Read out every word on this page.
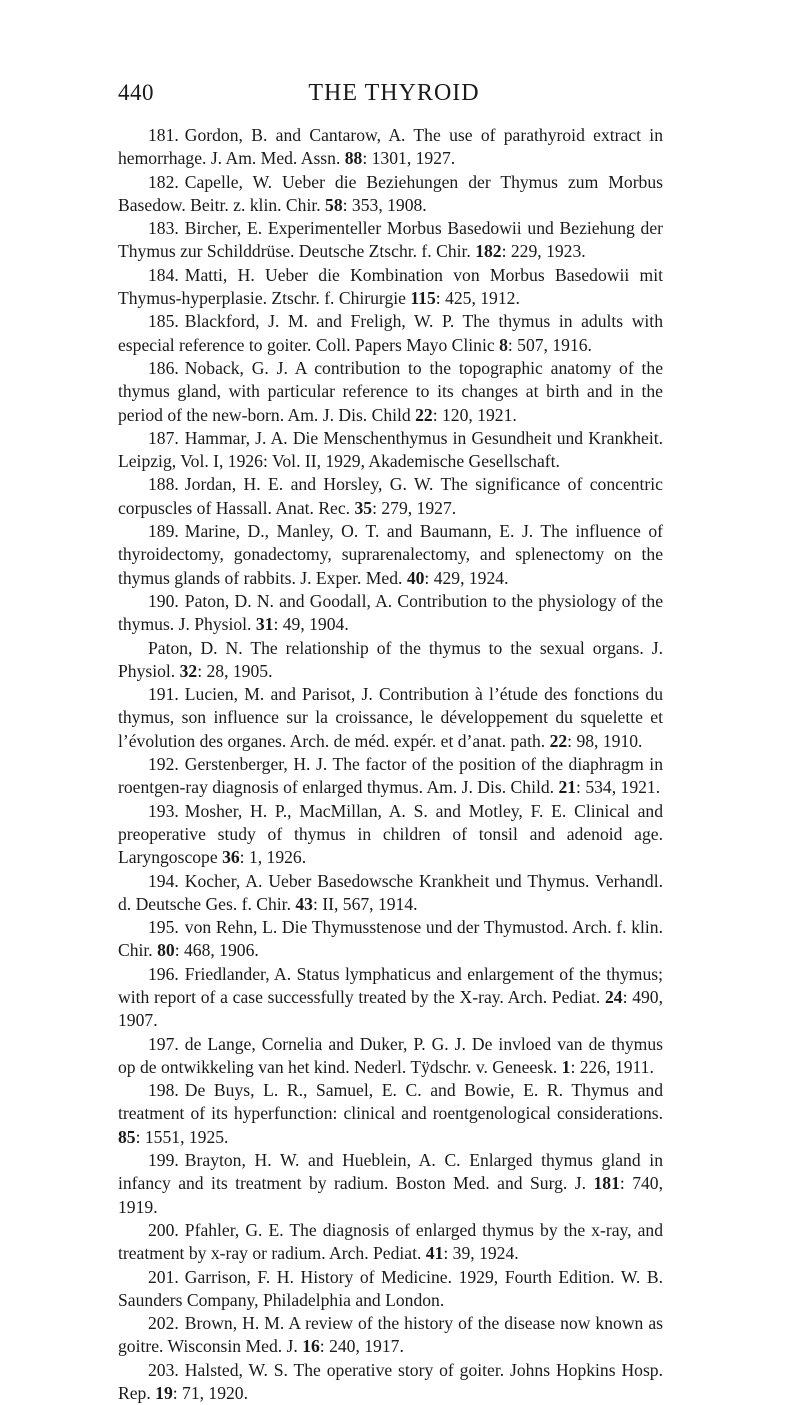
440	THE THYROID

181. Gordon, B. and Cantarow, A. The use of parathyroid extract in hemorrhage. J. Am. Med. Assn. 88: 1301, 1927.

182. Capelle, W. Ueber die Beziehungen der Thymus zum Morbus Basedow. Beitr. z. klin. Chir. 58: 353, 1908.

183. Bircher, E. Experimenteller Morbus Basedowii und Beziehung der Thymus zur Schilddrüse. Deutsche Ztschr. f. Chir. 182: 229, 1923.

184. Matti, H. Ueber die Kombination von Morbus Basedowii mit Thymus-hyperplasie. Ztschr. f. Chirurgie 115: 425, 1912.

185. Blackford, J. M. and Freligh, W. P. The thymus in adults with especial reference to goiter. Coll. Papers Mayo Clinic 8: 507, 1916.

186. Noback, G. J. A contribution to the topographic anatomy of the thymus gland, with particular reference to its changes at birth and in the period of the new-born. Am. J. Dis. Child 22: 120, 1921.

187. Hammar, J. A. Die Menschenthymus in Gesundheit und Krankheit. Leipzig, Vol. I, 1926: Vol. II, 1929, Akademische Gesellschaft.

188. Jordan, H. E. and Horsley, G. W. The significance of concentric corpuscles of Hassall. Anat. Rec. 35: 279, 1927.

189. Marine, D., Manley, O. T. and Baumann, E. J. The influence of thyroidectomy, gonadectomy, suprarenalectomy, and splenectomy on the thymus glands of rabbits. J. Exper. Med. 40: 429, 1924.

190. Paton, D. N. and Goodall, A. Contribution to the physiology of the thymus. J. Physiol. 31: 49, 1904.

Paton, D. N. The relationship of the thymus to the sexual organs. J. Physiol. 32: 28, 1905.

191. Lucien, M. and Parisot, J. Contribution à l’étude des fonctions du thymus, son influence sur la croissance, le développement du squelette et l’évolution des organes. Arch. de méd. expér. et d’anat. path. 22: 98, 1910.

192. Gerstenberger, H. J. The factor of the position of the diaphragm in roentgen-ray diagnosis of enlarged thymus. Am. J. Dis. Child. 21: 534, 1921.

193. Mosher, H. P., MacMillan, A. S. and Motley, F. E. Clinical and preoperative study of thymus in children of tonsil and adenoid age. Laryngoscope 36: 1, 1926.

194. Kocher, A. Ueber Basedowsche Krankheit und Thymus. Verhandl. d. Deutsche Ges. f. Chir. 43: II, 567, 1914.

195. von Rehn, L. Die Thymusstenose und der Thymustod. Arch. f. klin. Chir. 80: 468, 1906.

196. Friedlander, A. Status lymphaticus and enlargement of the thymus; with report of a case successfully treated by the X-ray. Arch. Pediat. 24: 490, 1907.

197. de Lange, Cornelia and Duker, P. G. J. De invloed van de thymus op de ontwikkeling van het kind. Nederl. Tÿdschr. v. Geneesk. 1: 226, 1911.

198. De Buys, L. R., Samuel, E. C. and Bowie, E. R. Thymus and treatment of its hyperfunction: clinical and roentgenological considerations. 85: 1551, 1925.

199. Brayton, H. W. and Hueblein, A. C. Enlarged thymus gland in infancy and its treatment by radium. Boston Med. and Surg. J. 181: 740, 1919.

200. Pfahler, G. E. The diagnosis of enlarged thymus by the x-ray, and treatment by x-ray or radium. Arch. Pediat. 41: 39, 1924.

201. Garrison, F. H. History of Medicine. 1929, Fourth Edition. W. B. Saunders Company, Philadelphia and London.

202. Brown, H. M. A review of the history of the disease now known as goitre. Wisconsin Med. J. 16: 240, 1917.

203. Halsted, W. S. The operative story of goiter. Johns Hopkins Hosp. Rep. 19: 71, 1920.
